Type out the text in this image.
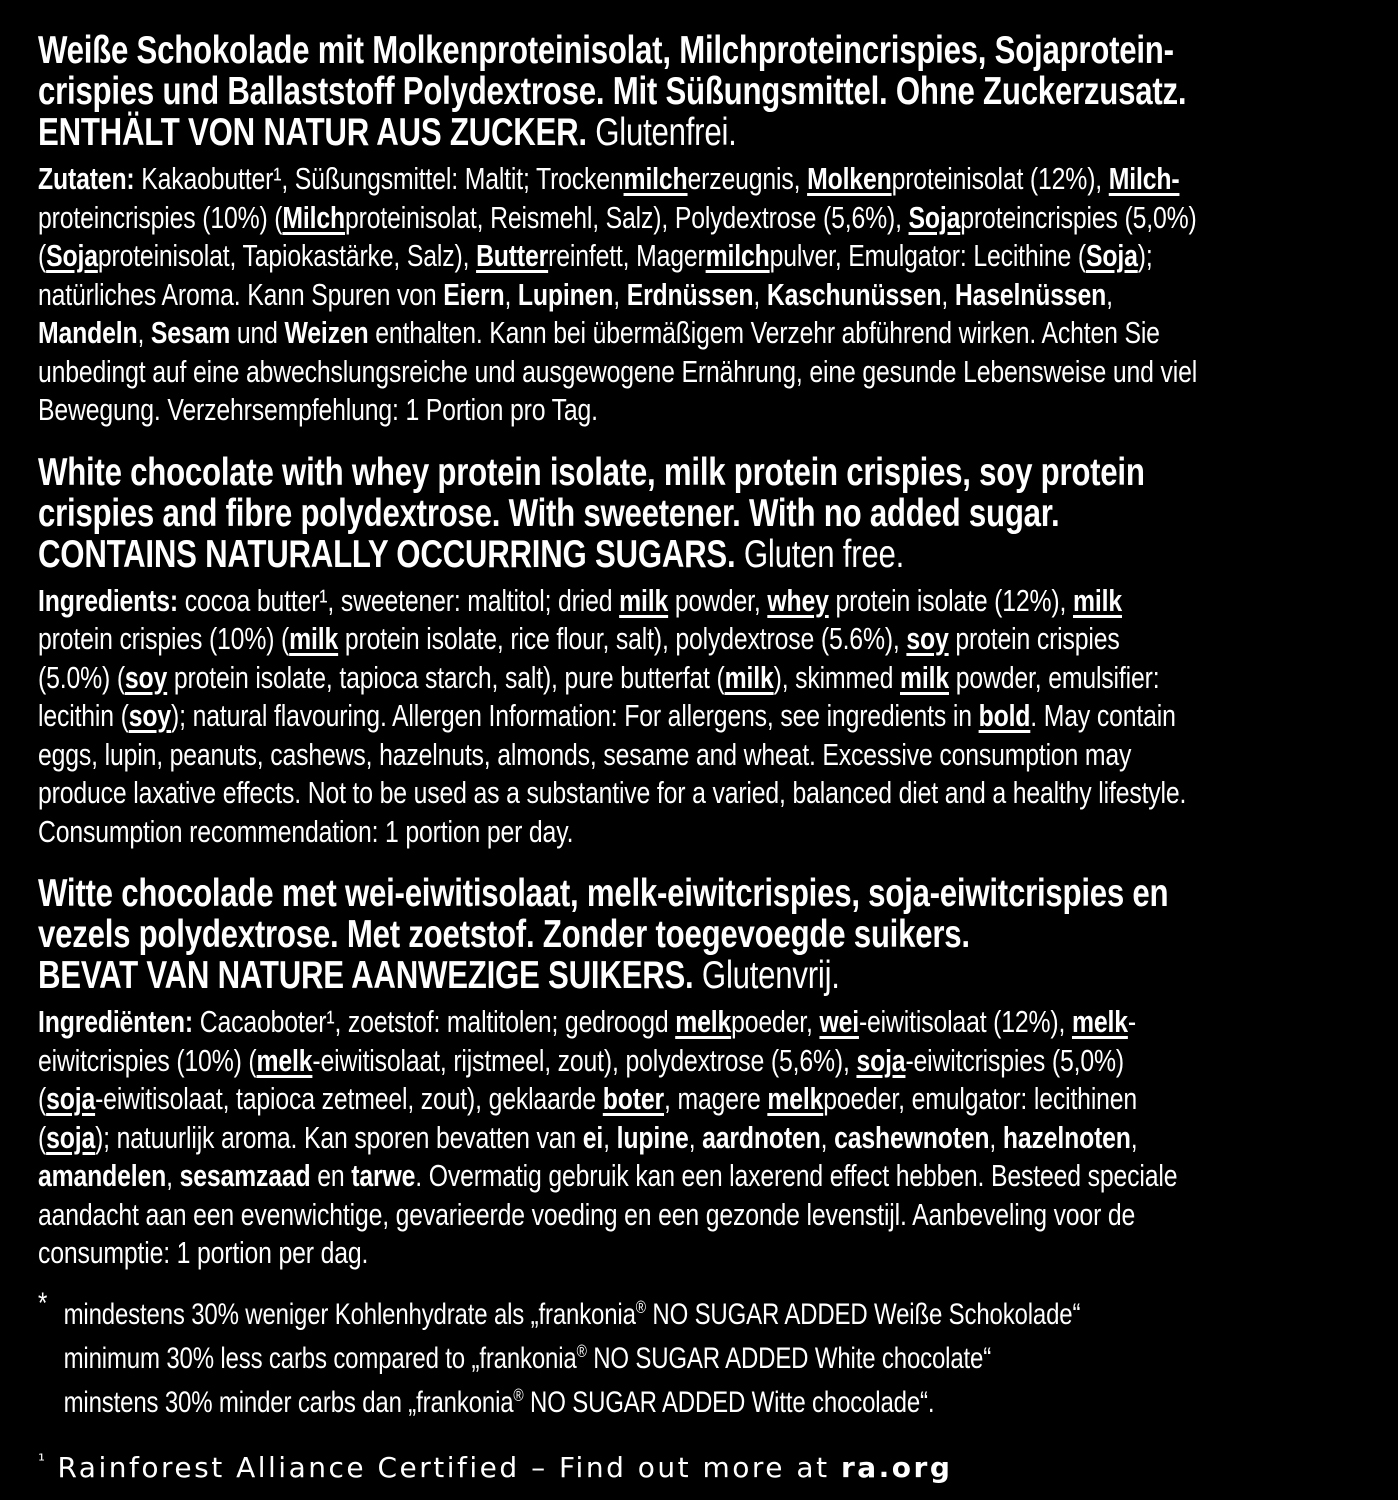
Weiße Schokolade mit Molkenproteinisolat, Milchproteincrispies, Sojaprotein-
crispies und Ballaststoff Polydextrose. Mit Süßungsmittel. Ohne Zuckerzusatz.
ENTHÄLT VON NATUR AUS ZUCKER. Glutenfrei.

Zutaten: Kakaobutter¹, Süßungsmittel: Maltit; Trockenmilcherzeugnis, Molkenproteinisolat (12%), Milch-
proteincrispies (10%) (Milchproteinisolat, Reismehl, Salz), Polydextrose (5,6%), Sojaproteincrispies (5,0%)
(Sojaproteinisolat, Tapiokastärke, Salz), Butterreinfett, Magermilchpulver, Emulgator: Lecithine (Soja);
natürliches Aroma. Kann Spuren von Eiern, Lupinen, Erdnüssen, Kaschunüssen, Haselnüssen,
Mandeln, Sesam und Weizen enthalten. Kann bei übermäßigem Verzehr abführend wirken. Achten Sie
unbedingt auf eine abwechslungsreiche und ausgewogene Ernährung, eine gesunde Lebensweise und viel
Bewegung. Verzehrsempfehlung: 1 Portion pro Tag.

White chocolate with whey protein isolate, milk protein crispies, soy protein
crispies and fibre polydextrose. With sweetener. With no added sugar.
CONTAINS NATURALLY OCCURRING SUGARS. Gluten free.

Ingredients: cocoa butter¹, sweetener: maltitol; dried milk powder, whey protein isolate (12%), milk
protein crispies (10%) (milk protein isolate, rice flour, salt), polydextrose (5.6%), soy protein crispies
(5.0%) (soy protein isolate, tapioca starch, salt), pure butterfat (milk), skimmed milk powder, emulsifier:
lecithin (soy); natural flavouring. Allergen Information: For allergens, see ingredients in bold. May contain
eggs, lupin, peanuts, cashews, hazelnuts, almonds, sesame and wheat. Excessive consumption may
produce laxative effects. Not to be used as a substantive for a varied, balanced diet and a healthy lifestyle.
Consumption recommendation: 1 portion per day.

Witte chocolade met wei-eiwitisolaat, melk-eiwitcrispies, soja-eiwitcrispies en
vezels polydextrose. Met zoetstof. Zonder toegevoegde suikers.
BEVAT VAN NATURE AANWEZIGE SUIKERS. Glutenvrij.

Ingrediënten: Cacaoboter¹, zoetstof: maltitolen; gedroogd melkpoeder, wei-eiwitisolaat (12%), melk-
eiwitcrispies (10%) (melk-eiwitisolaat, rijstmeel, zout), polydextrose (5,6%), soja-eiwitcrispies (5,0%)
(soja-eiwitisolaat, tapioca zetmeel, zout), geklaarde boter, magere melkpoeder, emulgator: lecithinen
(soja); natuurlijk aroma. Kan sporen bevatten van ei, lupine, aardnoten, cashewnoten, hazelnoten,
amandelen, sesamzaad en tarwe. Overmatig gebruik kan een laxerend effect hebben. Besteed speciale
aandacht aan een evenwichtige, gevarieerde voeding en een gezonde levenstijl. Aanbeveling voor de
consumptie: 1 portion per dag.

* mindestens 30% weniger Kohlenhydrate als „frankonia® NO SUGAR ADDED Weiße Schokolade“
minimum 30% less carbs compared to „frankonia® NO SUGAR ADDED White chocolate“
minstens 30% minder carbs dan „frankonia® NO SUGAR ADDED Witte chocolade“.
$^{^1}$ Rainforest Alliance Certified – Find out more at ra.org
